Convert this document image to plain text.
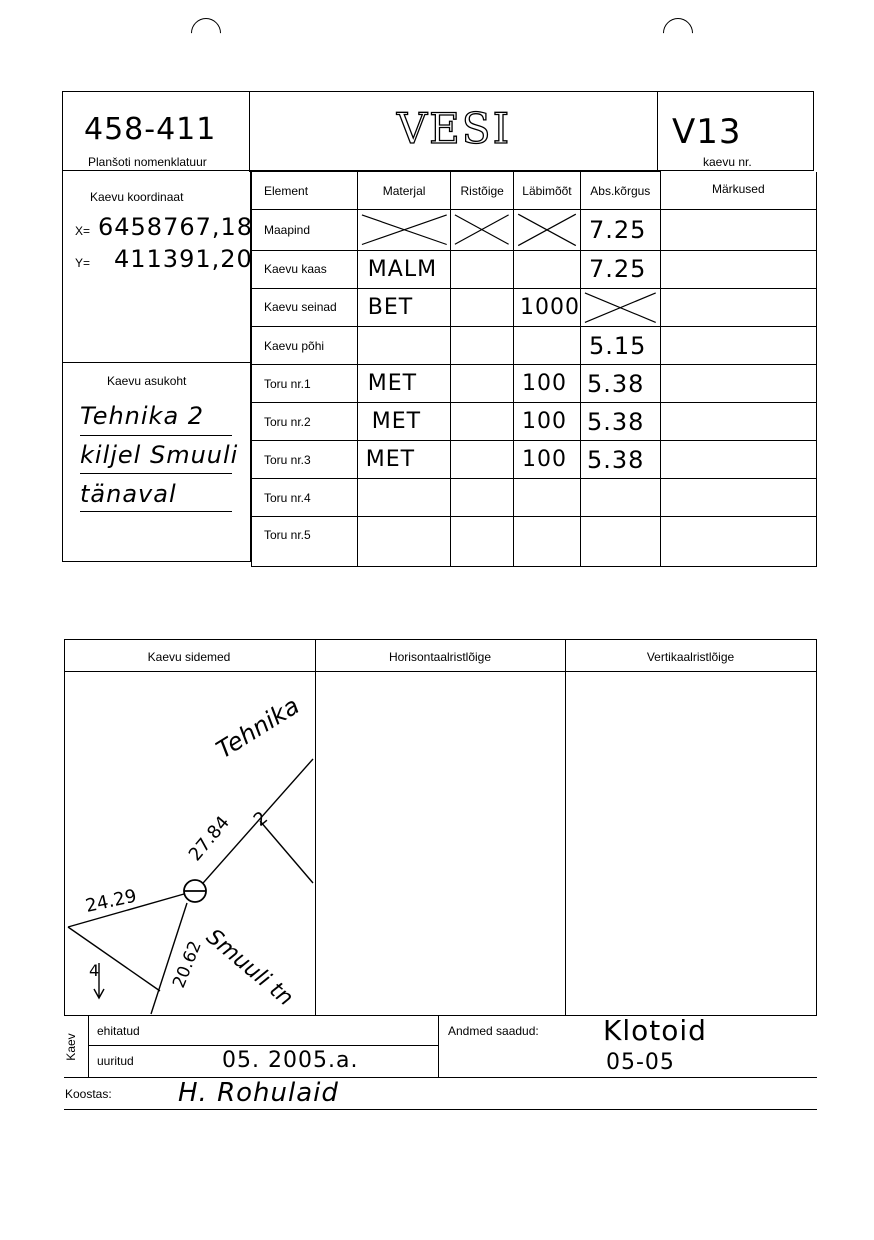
458-411
Planšoti nomenklatuur
VESI	V13
kaevu nr.
Kaevu koordinaat
X= 6458767,18
Y= 411391,20
Kaevu asukoht
Tehnika 2
kiljel Smuuli
tänaval
Element	Materjal	Ristõige	Läbimõõt	Abs.kõrgus	Märkused
Maapind				7.25	
Kaevu kaas	MALM			7.25	
Kaevu seinad	BET		1000	

Kaevu põhi				5.15	
Toru nr.1	MET		100	5.38	
Toru nr.2	MET		100	5.38	
Toru nr.3	MET		100	5.38	
Toru nr.4					
Toru nr.5					
Kaevu sidemed	Horisontaalristlõige	Vertikaalristlõige
Tehnika
27.84 2
24.29
20.62
Smuuli tn
4
Kaev
ehitatud
uuritud	05. 2005.a.
Andmed saadud: Klotoid
05-05
Koostas:	H. Rohulaid
